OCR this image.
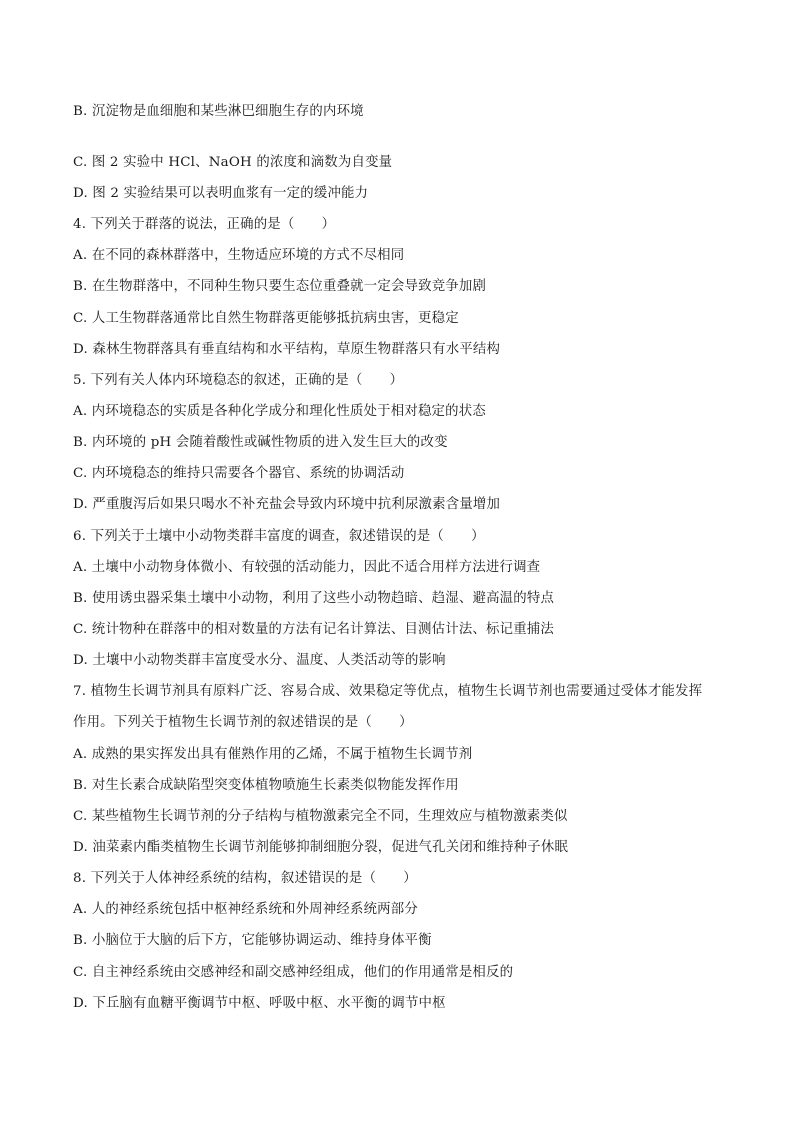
B. 沉淀物是血细胞和某些淋巴细胞生存的内环境
C. 图 2 实验中 HCl、NaOH 的浓度和滴数为自变量
D. 图 2 实验结果可以表明血浆有一定的缓冲能力
4. 下列关于群落的说法，正确的是（　　）
A. 在不同的森林群落中，生物适应环境的方式不尽相同
B. 在生物群落中，不同种生物只要生态位重叠就一定会导致竞争加剧
C. 人工生物群落通常比自然生物群落更能够抵抗病虫害，更稳定
D. 森林生物群落具有垂直结构和水平结构，草原生物群落只有水平结构
5. 下列有关人体内环境稳态的叙述，正确的是（　　）
A. 内环境稳态的实质是各种化学成分和理化性质处于相对稳定的状态
B. 内环境的 pH 会随着酸性或碱性物质的进入发生巨大的改变
C. 内环境稳态的维持只需要各个器官、系统的协调活动
D. 严重腹泻后如果只喝水不补充盐会导致内环境中抗利尿激素含量增加
6. 下列关于土壤中小动物类群丰富度的调查，叙述错误的是（　　）
A. 土壤中小动物身体微小、有较强的活动能力，因此不适合用样方法进行调查
B. 使用诱虫器采集土壤中小动物，利用了这些小动物趋暗、趋湿、避高温的特点
C. 统计物种在群落中的相对数量的方法有记名计算法、目测估计法、标记重捕法
D. 土壤中小动物类群丰富度受水分、温度、人类活动等的影响
7. 植物生长调节剂具有原料广泛、容易合成、效果稳定等优点，植物生长调节剂也需要通过受体才能发挥
作用。下列关于植物生长调节剂的叙述错误的是（　　）
A. 成熟的果实挥发出具有催熟作用的乙烯，不属于植物生长调节剂
B. 对生长素合成缺陷型突变体植物喷施生长素类似物能发挥作用
C. 某些植物生长调节剂的分子结构与植物激素完全不同，生理效应与植物激素类似
D. 油菜素内酯类植物生长调节剂能够抑制细胞分裂，促进气孔关闭和维持种子休眠
8. 下列关于人体神经系统的结构，叙述错误的是（　　）
A. 人的神经系统包括中枢神经系统和外周神经系统两部分
B. 小脑位于大脑的后下方，它能够协调运动、维持身体平衡
C. 自主神经系统由交感神经和副交感神经组成，他们的作用通常是相反的
D. 下丘脑有血糖平衡调节中枢、呼吸中枢、水平衡的调节中枢
